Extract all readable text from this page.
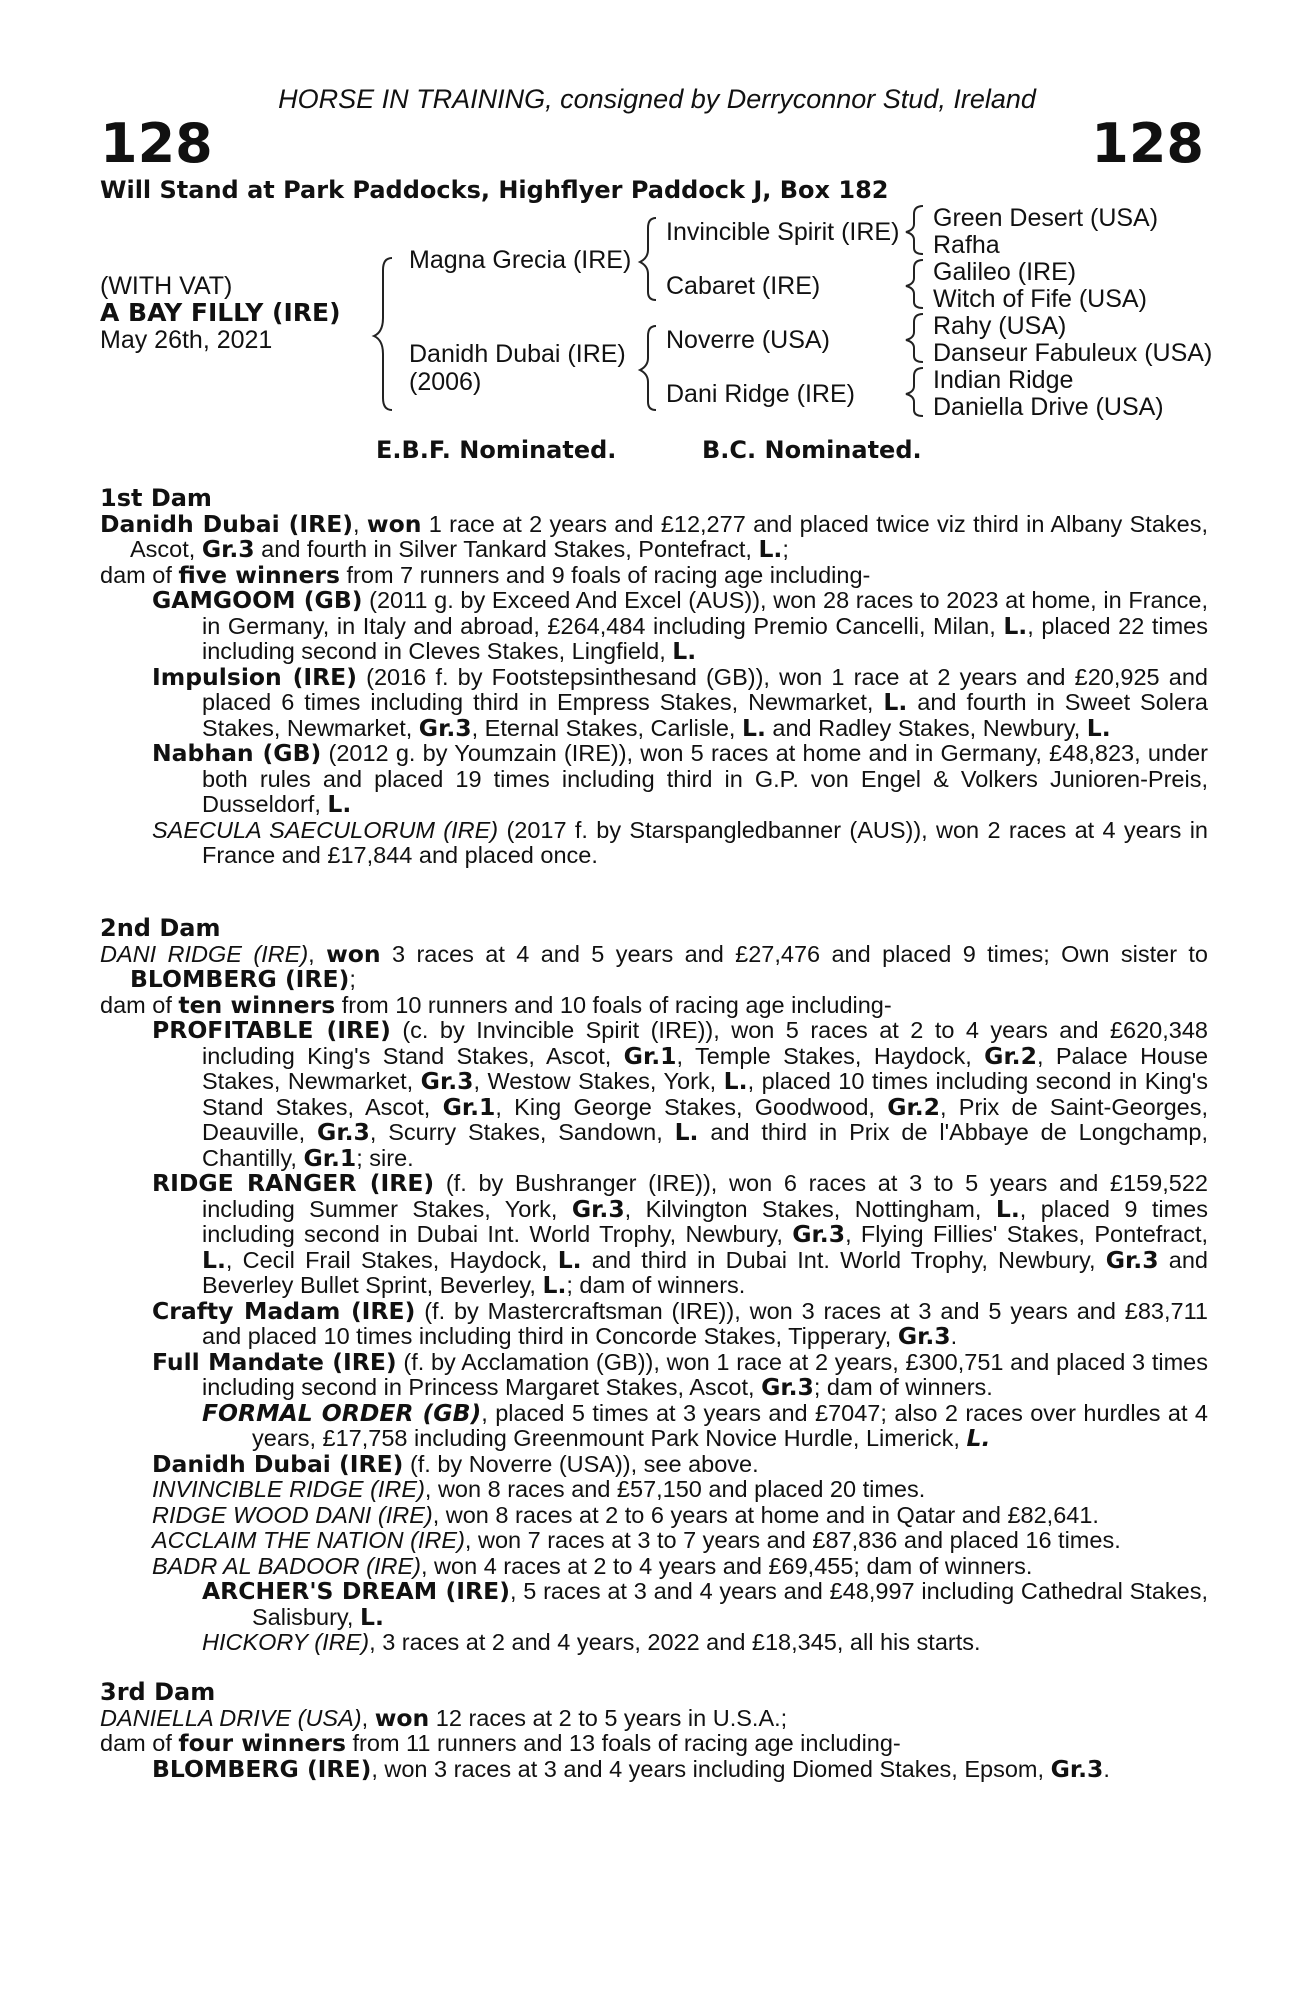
HORSE IN TRAINING, consigned by Derryconnor Stud, Ireland
128	128
Will Stand at Park Paddocks, Highflyer Paddock J, Box 182
(WITH VAT)
A BAY FILLY (IRE)
May 26th, 2021
Magna Grecia (IRE)
Danidh Dubai (IRE)
(2006)
Invincible Spirit (IRE)
Cabaret (IRE)
Noverre (USA)
Dani Ridge (IRE)
Green Desert (USA)
Rafha
Galileo (IRE)
Witch of Fife (USA)
Rahy (USA)
Danseur Fabuleux (USA)
Indian Ridge
Daniella Drive (USA)
E.B.F. Nominated.	B.C. Nominated.
1st Dam

Danidh Dubai (IRE), won 1 race at 2 years and £12,277 and placed twice viz third in Albany Stakes, Ascot, Gr.3 and fourth in Silver Tankard Stakes, Pontefract, L.;

dam of five winners from 7 runners and 9 foals of racing age including-

GAMGOOM (GB) (2011 g. by Exceed And Excel (AUS)), won 28 races to 2023 at home, in France, in Germany, in Italy and abroad, £264,484 including Premio Cancelli, Milan, L., placed 22 times including second in Cleves Stakes, Lingfield, L.

Impulsion (IRE) (2016 f. by Footstepsinthesand (GB)), won 1 race at 2 years and £20,925 and placed 6 times including third in Empress Stakes, Newmarket, L. and fourth in Sweet Solera Stakes, Newmarket, Gr.3, Eternal Stakes, Carlisle, L. and Radley Stakes, Newbury, L.

Nabhan (GB) (2012 g. by Youmzain (IRE)), won 5 races at home and in Germany, £48,823, under both rules and placed 19 times including third in G.P. von Engel & Volkers Junioren-Preis, Dusseldorf, L.

SAECULA SAECULORUM (IRE) (2017 f. by Starspangledbanner (AUS)), won 2 races at 4 years in France and £17,844 and placed once.

2nd Dam

DANI RIDGE (IRE), won 3 races at 4 and 5 years and £27,476 and placed 9 times; Own sister to BLOMBERG (IRE);

dam of ten winners from 10 runners and 10 foals of racing age including-

PROFITABLE (IRE) (c. by Invincible Spirit (IRE)), won 5 races at 2 to 4 years and £620,348 including King's Stand Stakes, Ascot, Gr.1, Temple Stakes, Haydock, Gr.2, Palace House Stakes, Newmarket, Gr.3, Westow Stakes, York, L., placed 10 times including second in King's Stand Stakes, Ascot, Gr.1, King George Stakes, Goodwood, Gr.2, Prix de Saint-Georges, Deauville, Gr.3, Scurry Stakes, Sandown, L. and third in Prix de l'Abbaye de Longchamp, Chantilly, Gr.1; sire.

RIDGE RANGER (IRE) (f. by Bushranger (IRE)), won 6 races at 3 to 5 years and £159,522 including Summer Stakes, York, Gr.3, Kilvington Stakes, Nottingham, L., placed 9 times including second in Dubai Int. World Trophy, Newbury, Gr.3, Flying Fillies' Stakes, Pontefract, L., Cecil Frail Stakes, Haydock, L. and third in Dubai Int. World Trophy, Newbury, Gr.3 and Beverley Bullet Sprint, Beverley, L.; dam of winners.

Crafty Madam (IRE) (f. by Mastercraftsman (IRE)), won 3 races at 3 and 5 years and £83,711 and placed 10 times including third in Concorde Stakes, Tipperary, Gr.3.

Full Mandate (IRE) (f. by Acclamation (GB)), won 1 race at 2 years, £300,751 and placed 3 times including second in Princess Margaret Stakes, Ascot, Gr.3; dam of winners.

FORMAL ORDER (GB), placed 5 times at 3 years and £7047; also 2 races over hurdles at 4 years, £17,758 including Greenmount Park Novice Hurdle, Limerick, L.

Danidh Dubai (IRE) (f. by Noverre (USA)), see above.

INVINCIBLE RIDGE (IRE), won 8 races and £57,150 and placed 20 times.

RIDGE WOOD DANI (IRE), won 8 races at 2 to 6 years at home and in Qatar and £82,641.

ACCLAIM THE NATION (IRE), won 7 races at 3 to 7 years and £87,836 and placed 16 times.

BADR AL BADOOR (IRE), won 4 races at 2 to 4 years and £69,455; dam of winners.

ARCHER'S DREAM (IRE), 5 races at 3 and 4 years and £48,997 including Cathedral Stakes, Salisbury, L.

HICKORY (IRE), 3 races at 2 and 4 years, 2022 and £18,345, all his starts.

3rd Dam

DANIELLA DRIVE (USA), won 12 races at 2 to 5 years in U.S.A.;

dam of four winners from 11 runners and 13 foals of racing age including-

BLOMBERG (IRE), won 3 races at 3 and 4 years including Diomed Stakes, Epsom, Gr.3.
